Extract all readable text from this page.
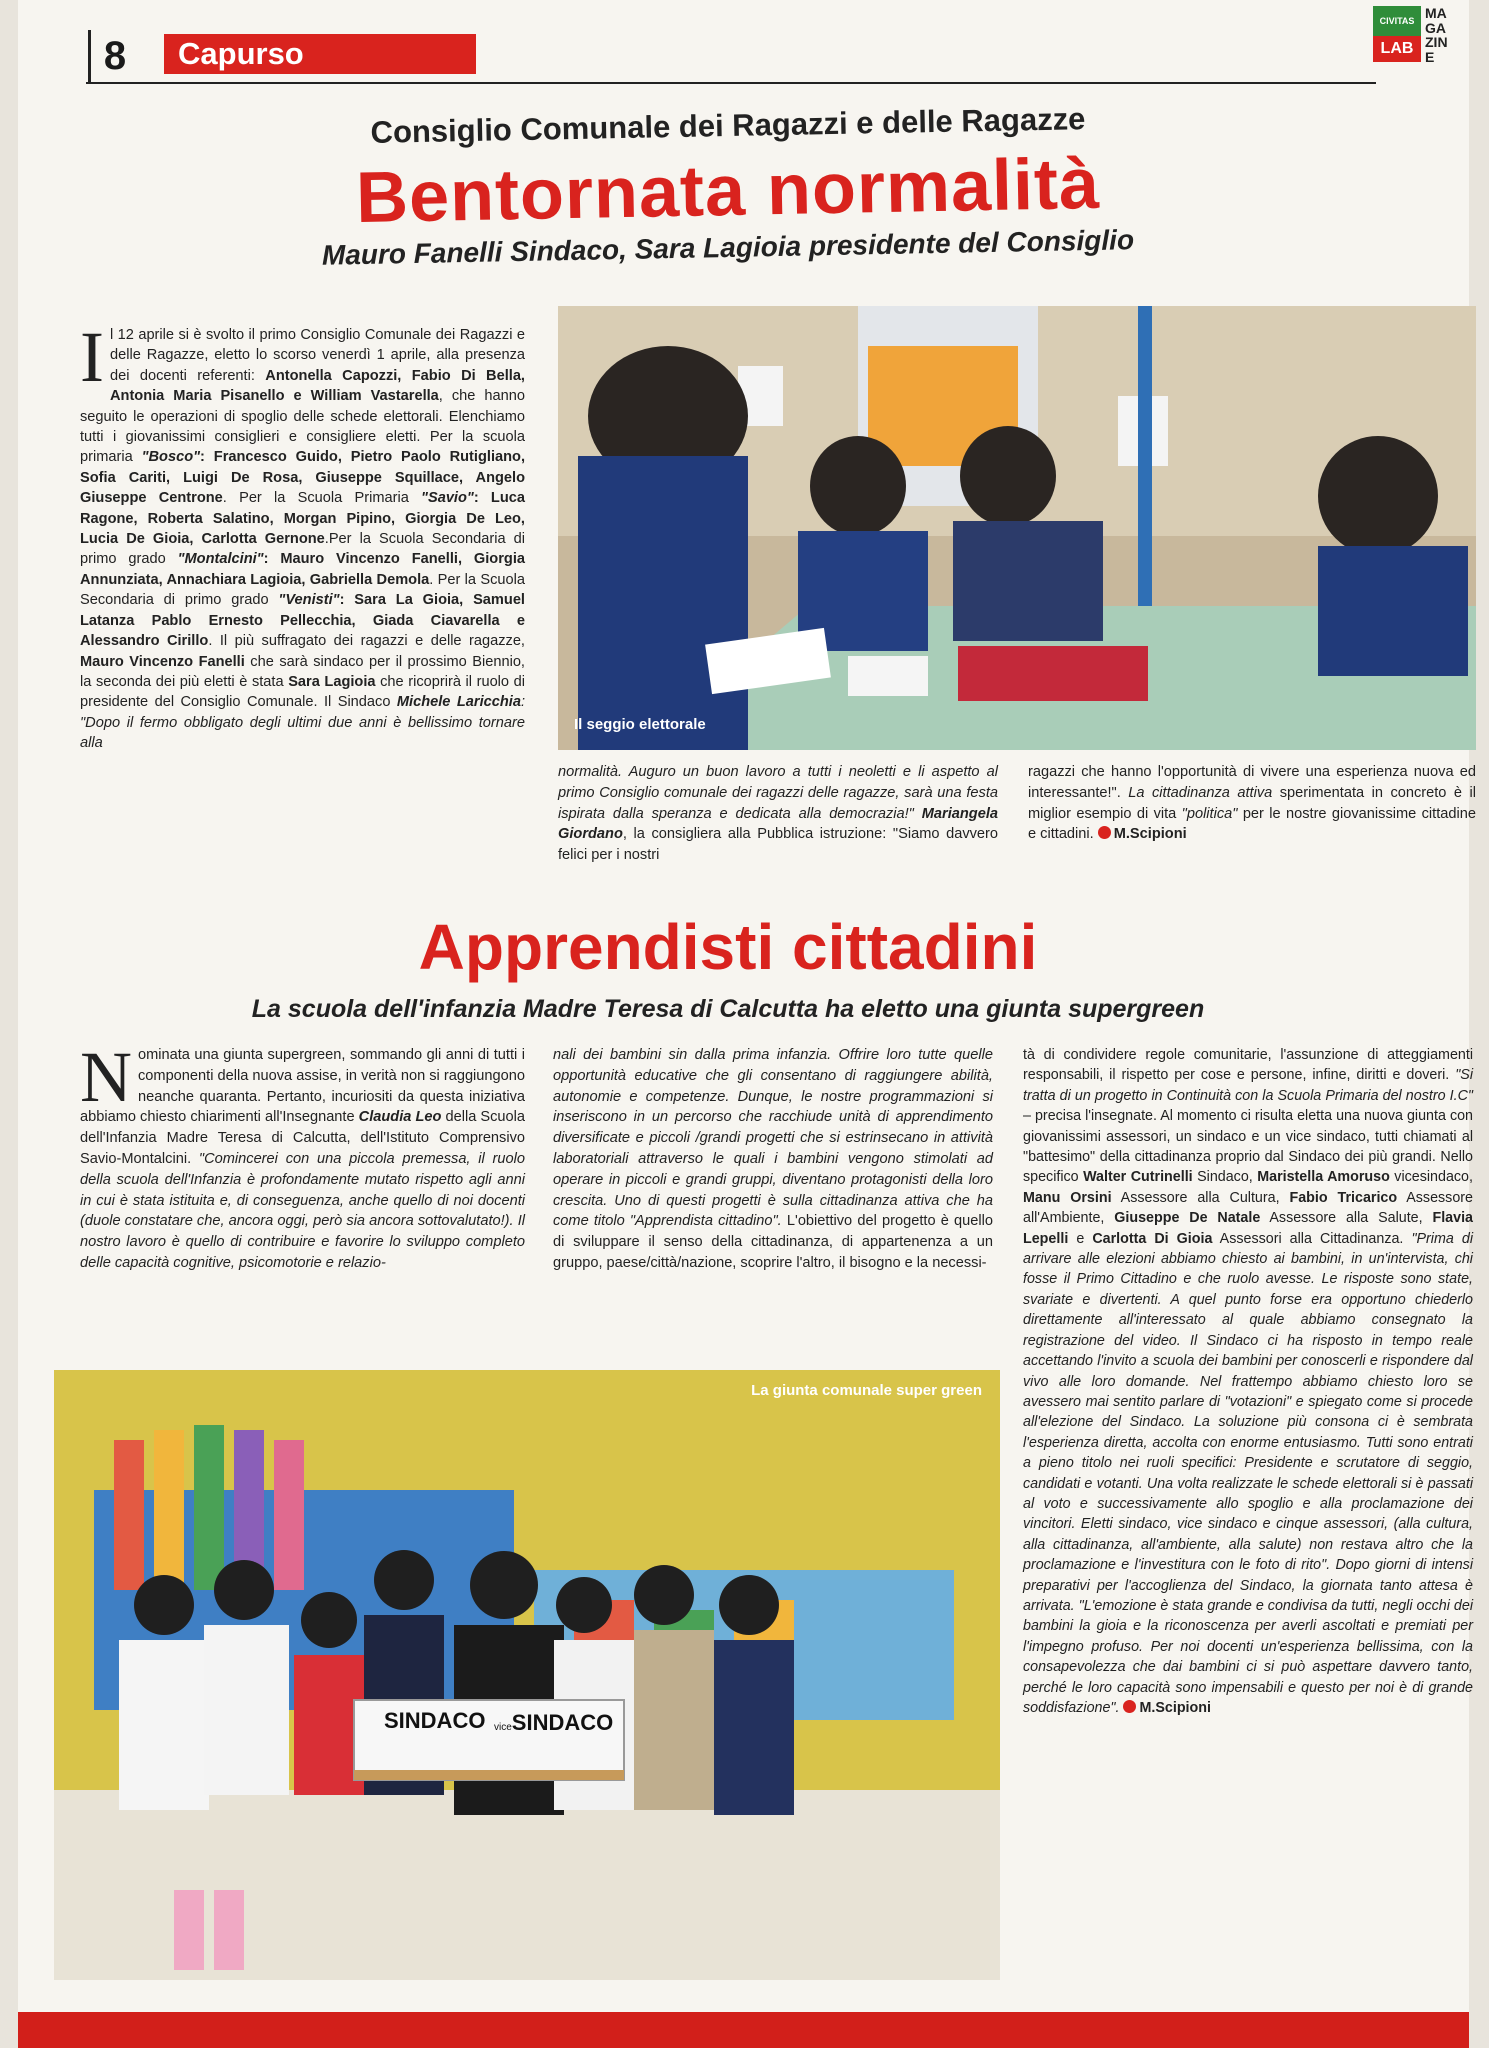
8	Capurso
CIVITAS
LAB
MAGAZINE
Consiglio Comunale dei Ragazzi e delle Ragazze
Bentornata normalità
Mauro Fanelli Sindaco, Sara Lagioia presidente del Consiglio

Il 12 aprile si è svolto il primo Consiglio Comunale dei Ragazzi e delle Ragazze, eletto lo scorso venerdì 1 aprile, alla presenza dei docenti referenti: Antonella Capozzi, Fabio Di Bella, Antonia Maria Pisanello e William Vastarella, che hanno seguito le operazioni di spoglio delle schede elettorali. Elenchiamo tutti i giovanissimi consiglieri e consigliere eletti. Per la scuola primaria "Bosco": Francesco Guido, Pietro Paolo Rutigliano, Sofia Cariti, Luigi De Rosa, Giuseppe Squillace, Angelo Giuseppe Centrone. Per la Scuola Primaria "Savio": Luca Ragone, Roberta Salatino, Morgan Pipino, Giorgia De Leo, Lucia De Gioia, Carlotta Gernone.Per la Scuola Secondaria di primo grado "Montalcini": Mauro Vincenzo Fanelli, Giorgia Annunziata, Annachiara Lagioia, Gabriella Demola. Per la Scuola Secondaria di primo grado "Venisti": Sara La Gioia, Samuel Latanza Pablo Ernesto Pellecchia, Giada Ciavarella e Alessandro Cirillo. Il più suffragato dei ragazzi e delle ragazze, Mauro Vincenzo Fanelli che sarà sindaco per il prossimo Biennio, la seconda dei più eletti è stata Sara Lagioia che ricoprirà il ruolo di presidente del Consiglio Comunale. Il Sindaco Michele Laricchia: "Dopo il fermo obbligato degli ultimi due anni è bellissimo tornare alla

Il seggio elettorale

normalità. Auguro un buon lavoro a tutti i neoletti e li aspetto al primo Consiglio comunale dei ragazzi delle ragazze, sarà una festa ispirata dalla speranza e dedicata alla democrazia!" Mariangela Giordano, la consigliera alla Pubblica istruzione: "Siamo davvero felici per i nostri

ragazzi che hanno l'opportunità di vivere una esperienza nuova ed interessante!". La cittadinanza attiva sperimentata in concreto è il miglior esempio di vita "politica" per le nostre giovanissime cittadine e cittadini. M.Scipioni

Apprendisti cittadini
La scuola dell'infanzia Madre Teresa di Calcutta ha eletto una giunta supergreen

Nominata una giunta supergreen, sommando gli anni di tutti i componenti della nuova assise, in verità non si raggiungono neanche quaranta. Pertanto, incuriositi da questa iniziativa abbiamo chiesto chiarimenti all'Insegnante Claudia Leo della Scuola dell'Infanzia Madre Teresa di Calcutta, dell'Istituto Comprensivo Savio-Montalcini. "Comincerei con una piccola premessa, il ruolo della scuola dell'Infanzia è profondamente mutato rispetto agli anni in cui è stata istituita e, di conseguenza, anche quello di noi docenti (duole constatare che, ancora oggi, però sia ancora sottovalutato!). Il nostro lavoro è quello di contribuire e favorire lo sviluppo completo delle capacità cognitive, psicomotorie e relazio-

nali dei bambini sin dalla prima infanzia. Offrire loro tutte quelle opportunità educative che gli consentano di raggiungere abilità, autonomie e competenze. Dunque, le nostre programmazioni si inseriscono in un percorso che racchiude unità di apprendimento diversificate e piccoli /grandi progetti che si estrinsecano in attività laboratoriali attraverso le quali i bambini vengono stimolati ad operare in piccoli e grandi gruppi, diventano protagonisti della loro crescita. Uno di questi progetti è sulla cittadinanza attiva che ha come titolo "Apprendista cittadino". L'obiettivo del progetto è quello di sviluppare il senso della cittadinanza, di appartenenza a un gruppo, paese/città/nazione, scoprire l'altro, il bisogno e la necessi-

tà di condividere regole comunitarie, l'assunzione di atteggiamenti responsabili, il rispetto per cose e persone, infine, diritti e doveri. "Si tratta di un progetto in Continuità con la Scuola Primaria del nostro I.C" – precisa l'insegnate. Al momento ci risulta eletta una nuova giunta con giovanissimi assessori, un sindaco e un vice sindaco, tutti chiamati al "battesimo" della cittadinanza proprio dal Sindaco dei più grandi. Nello specifico Walter Cutrinelli Sindaco, Maristella Amoruso vicesindaco, Manu Orsini Assessore alla Cultura, Fabio Tricarico Assessore all'Ambiente, Giuseppe De Natale Assessore alla Salute, Flavia Lepelli e Carlotta Di Gioia Assessori alla Cittadinanza. "Prima di arrivare alle elezioni abbiamo chiesto ai bambini, in un'intervista, chi fosse il Primo Cittadino e che ruolo avesse. Le risposte sono state, svariate e divertenti. A quel punto forse era opportuno chiederlo direttamente all'interessato al quale abbiamo consegnato la registrazione del video. Il Sindaco ci ha risposto in tempo reale accettando l'invito a scuola dei bambini per conoscerli e rispondere dal vivo alle loro domande. Nel frattempo abbiamo chiesto loro se avessero mai sentito parlare di "votazioni" e spiegato come si procede all'elezione del Sindaco. La soluzione più consona ci è sembrata l'esperienza diretta, accolta con enorme entusiasmo. Tutti sono entrati a pieno titolo nei ruoli specifici: Presidente e scrutatore di seggio, candidati e votanti. Una volta realizzate le schede elettorali si è passati al voto e successivamente allo spoglio e alla proclamazione dei vincitori. Eletti sindaco, vice sindaco e cinque assessori, (alla cultura, alla cittadinanza, all'ambiente, alla salute) non restava altro che la proclamazione e l'investitura con le foto di rito". Dopo giorni di intensi preparativi per l'accoglienza del Sindaco, la giornata tanto attesa è arrivata. "L'emozione è stata grande e condivisa da tutti, negli occhi dei bambini la gioia e la riconoscenza per averli ascoltati e premiati per l'impegno profuso. Per noi docenti un'esperienza bellissima, con la consapevolezza che dai bambini ci si può aspettare davvero tanto, perché le loro capacità sono impensabili e questo per noi è di grande soddisfazione". M.Scipioni

SINDACO viceSINDACO
La giunta comunale super green
